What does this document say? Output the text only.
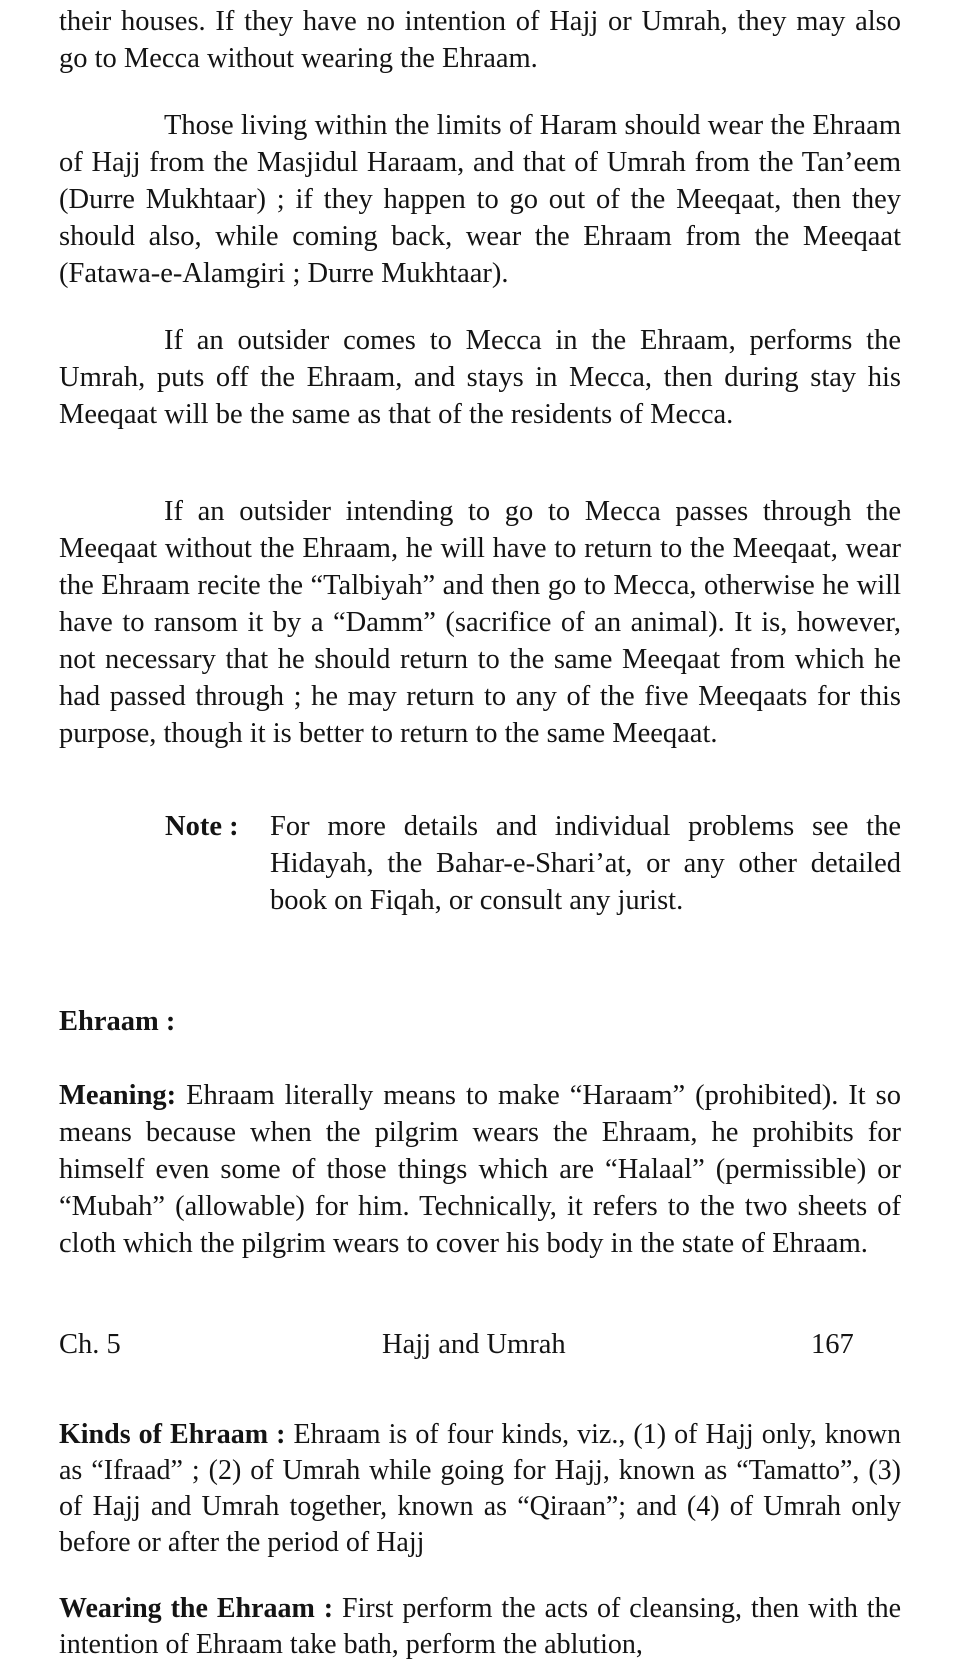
their houses. If they have no intention of Hajj or Umrah, they may also go to Mecca without wearing the Ehraam.

Those living within the limits of Haram should wear the Ehraam of Hajj from the Masjidul Haraam, and that of Umrah from the Tan’eem (Durre Mukhtaar) ; if they happen to go out of the Meeqaat, then they should also, while coming back, wear the Ehraam from the Meeqaat (Fatawa-e-Alamgiri ; Durre Mukhtaar).

If an outsider comes to Mecca in the Ehraam, performs the Umrah, puts off the Ehraam, and stays in Mecca, then during stay his Meeqaat will be the same as that of the residents of Mecca.

If an outsider intending to go to Mecca passes through the Meeqaat without the Ehraam, he will have to return to the Meeqaat, wear the Ehraam recite the “Talbiyah” and then go to Mecca, otherwise he will have to ransom it by a “Damm” (sacrifice of an animal). It is, however, not necessary that he should return to the same Meeqaat from which he had passed through ; he may return to any of the five Meeqaats for this purpose, though it is better to return to the same Meeqaat.

Note :	For more details and individual problems see the Hidayah, the Bahar-e-Shari’at, or any other detailed book on Fiqah, or consult any jurist.

Ehraam :

Meaning: Ehraam literally means to make “Haraam” (prohibited). It so means because when the pilgrim wears the Ehraam, he prohibits for himself even some of those things which are “Halaal” (permissible) or “Mubah” (allowable) for him. Technically, it refers to the two sheets of cloth which the pilgrim wears to cover his body in the state of Ehraam.

Ch. 5	Hajj and Umrah	167

Kinds of Ehraam : Ehraam is of four kinds, viz., (1) of Hajj only, known as “Ifraad” ; (2) of Umrah while going for Hajj, known as “Tamatto”, (3) of Hajj and Umrah together, known as “Qiraan”; and (4) of Umrah only before or after the period of Hajj

Wearing the Ehraam : First perform the acts of cleansing, then with the intention of Ehraam take bath, perform the ablution,
